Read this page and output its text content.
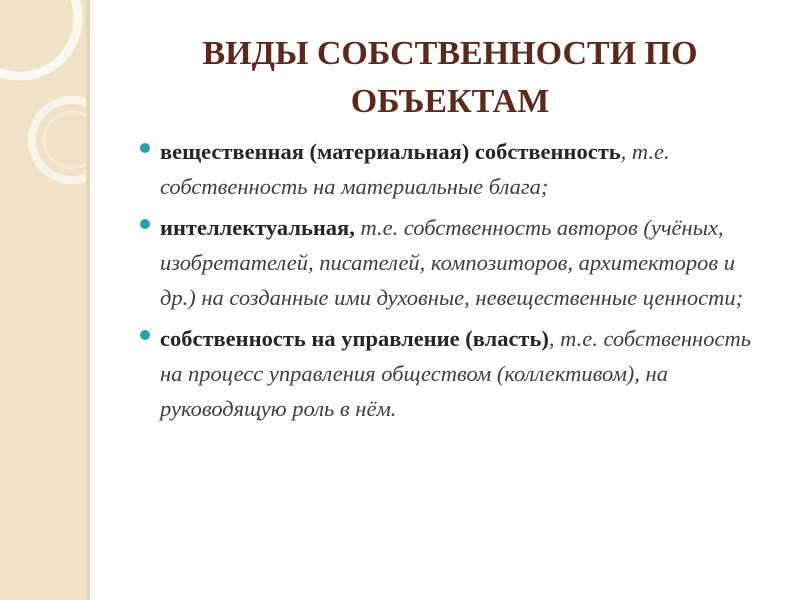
ВИДЫ СОБСТВЕННОСТИ ПО
ОБЪЕКТАМ
вещественная (материальная) собственность, т.е. собственность на материальные блага;
интеллектуальная, т.е. собственность авторов (учёных, изобретателей, писателей, композиторов, архитекторов и др.) на созданные ими духовные, невещественные ценности;
собственность на управление (власть), т.е. собственность на процесс управления обществом (коллективом), на руководящую роль в нём.
